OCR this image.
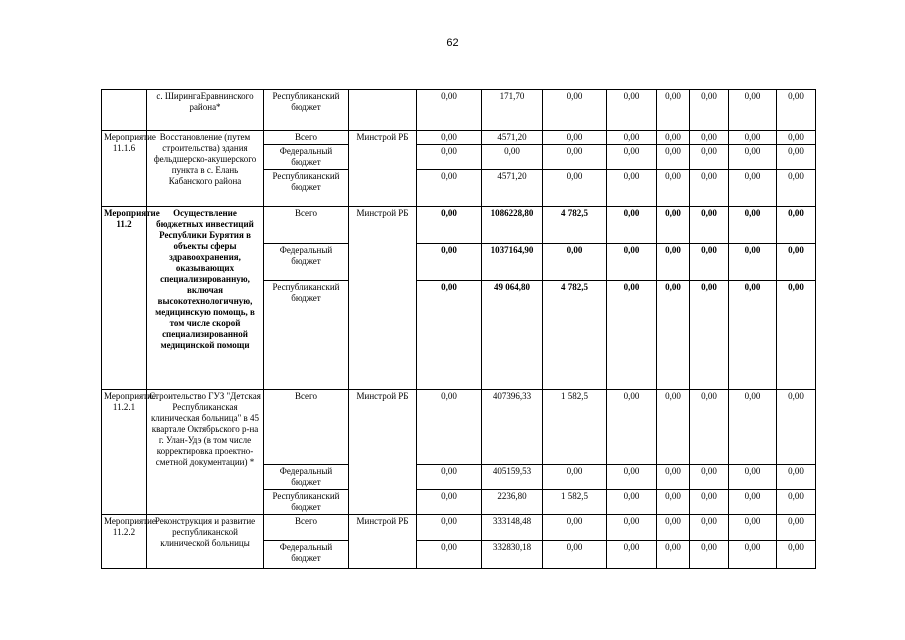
62
	с. ШирингаЕравнинского района*	Республиканский бюджет		0,00	171,70	0,00	0,00	0,00	0,00	0,00	0,00
Мероприятие 11.1.6	Восстановление (путем строительства) здания фельдшерско-акушерского пункта в с. Елань Кабанского района	Всего	Минстрой РБ	0,00	4571,20	0,00	0,00	0,00	0,00	0,00	0,00
		Федеральный бюджет		0,00	0,00	0,00	0,00	0,00	0,00	0,00	0,00
		Республиканский бюджет		0,00	4571,20	0,00	0,00	0,00	0,00	0,00	0,00
Мероприятие 11.2	Осуществление бюджетных инвестиций Республики Бурятия в объекты сферы здравоохранения, оказывающих специализированную, включая высокотехнологичную, медицинскую помощь, в том числе скорой специализированной медицинской помощи	Всего	Минстрой РБ	0,00	1086228,80	4 782,5	0,00	0,00	0,00	0,00	0,00
		Федеральный бюджет		0,00	1037164,90	0,00	0,00	0,00	0,00	0,00	0,00
		Республиканский бюджет		0,00	49 064,80	4 782,5	0,00	0,00	0,00	0,00	0,00
Мероприятие 11.2.1	Строительство ГУЗ "Детская Республиканская клиническая больница" в 45 квартале Октябрьского р-на г. Улан-Удэ (в том числе корректировка проектно-сметной документации) *	Всего	Минстрой РБ	0,00	407396,33	1 582,5	0,00	0,00	0,00	0,00	0,00
		Федеральный бюджет		0,00	405159,53	0,00	0,00	0,00	0,00	0,00	0,00
		Республиканский бюджет		0,00	2236,80	1 582,5	0,00	0,00	0,00	0,00	0,00
Мероприятие 11.2.2	Реконструкция и развитие республиканской клинической больницы	Всего	Минстрой РБ	0,00	333148,48	0,00	0,00	0,00	0,00	0,00	0,00
		Федеральный бюджет		0,00	332830,18	0,00	0,00	0,00	0,00	0,00	0,00
